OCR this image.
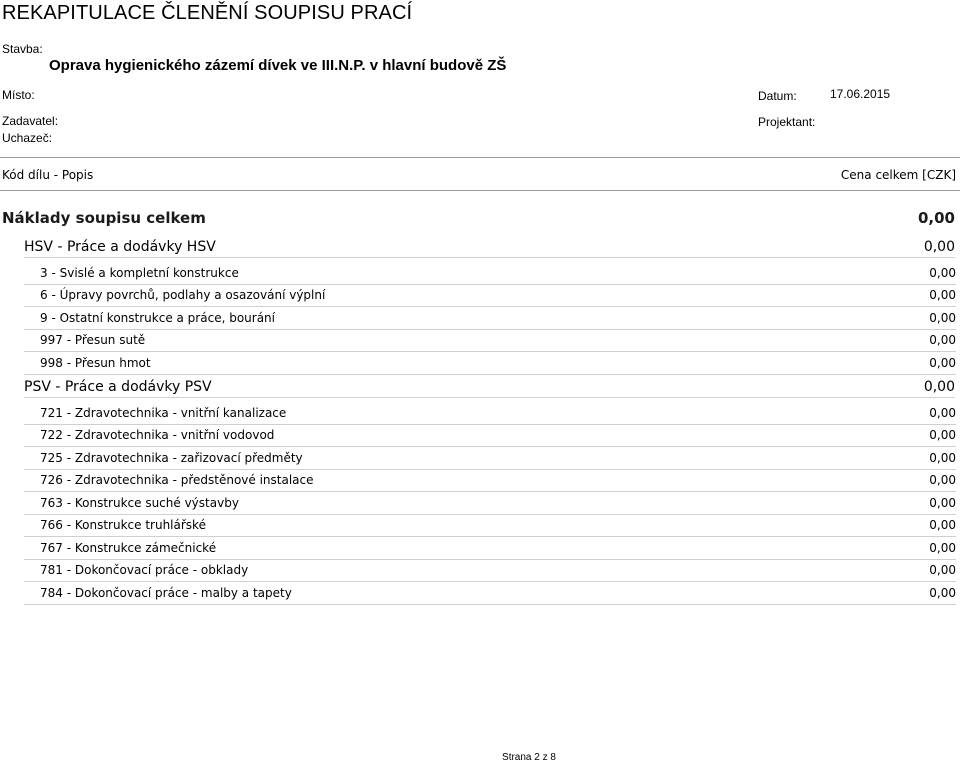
REKAPITULACE ČLENĚNÍ SOUPISU PRACÍ
Stavba:
Oprava hygienického zázemí dívek ve III.N.P. v hlavní budově ZŠ
Místo:	Datum:	17.06.2015
Zadavatel:	Projektant:
Uchazeč:
Kód dílu - Popis	Cena celkem [CZK]
Náklady soupisu celkem	0,00
HSV - Práce a dodávky HSV	0,00
3 - Svislé a kompletní konstrukce	0,00
6 - Úpravy povrchů, podlahy a osazování výplní	0,00
9 - Ostatní konstrukce a práce, bourání	0,00
997 - Přesun sutě	0,00
998 - Přesun hmot	0,00
PSV - Práce a dodávky PSV	0,00
721 - Zdravotechnika - vnitřní kanalizace	0,00
722 - Zdravotechnika - vnitřní vodovod	0,00
725 - Zdravotechnika - zařizovací předměty	0,00
726 - Zdravotechnika - předstěnové instalace	0,00
763 - Konstrukce suché výstavby	0,00
766 - Konstrukce truhlářské	0,00
767 - Konstrukce zámečnické	0,00
781 - Dokončovací práce - obklady	0,00
784 - Dokončovací práce - malby a tapety	0,00
Strana 2 z 8
